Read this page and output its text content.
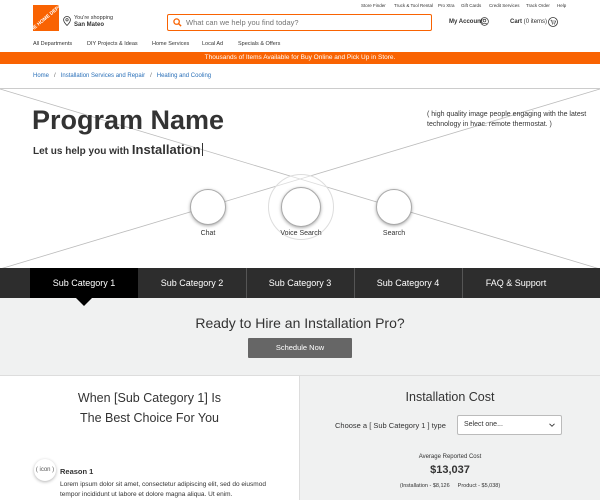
Store Finder Truck & Tool Rental Pro Xtra Gift Cards Credit Services Track Order Help
THE HOME DEPOT You're shopping
San Mateo
What can we help you find today?	My Account	Cart (0 items)
All Departments	DIY Projects & Ideas	Home Services Local Ad	Specials & Offers
Thousands of Items Available for Buy Online and Pick Up in Store.
Home / Installation Services and Repair / Heating and Cooling
Program Name
Let us help you with Installation
( high quality image people engaging with the latest technology in hvac. remote thermostat. )
Chat	Voice Search	Search
Sub Category 1	Sub Category 2	Sub Category 3	Sub Category 4	FAQ & Support
Ready to Hire an Installation Pro?
Schedule Now
When [Sub Category 1] Is
The Best Choice For You
( icon ) Reason 1
Lorem ipsum dolor sit amet, consectetur adipiscing elit, sed do eiusmod tempor incididunt ut labore et dolore magna aliqua. Ut enim.
Installation Cost
Choose a [ Sub Category 1 ] type	Select one...
Average Reported Cost
$13,037
(Installation - $8,126 Product - $5,038)
